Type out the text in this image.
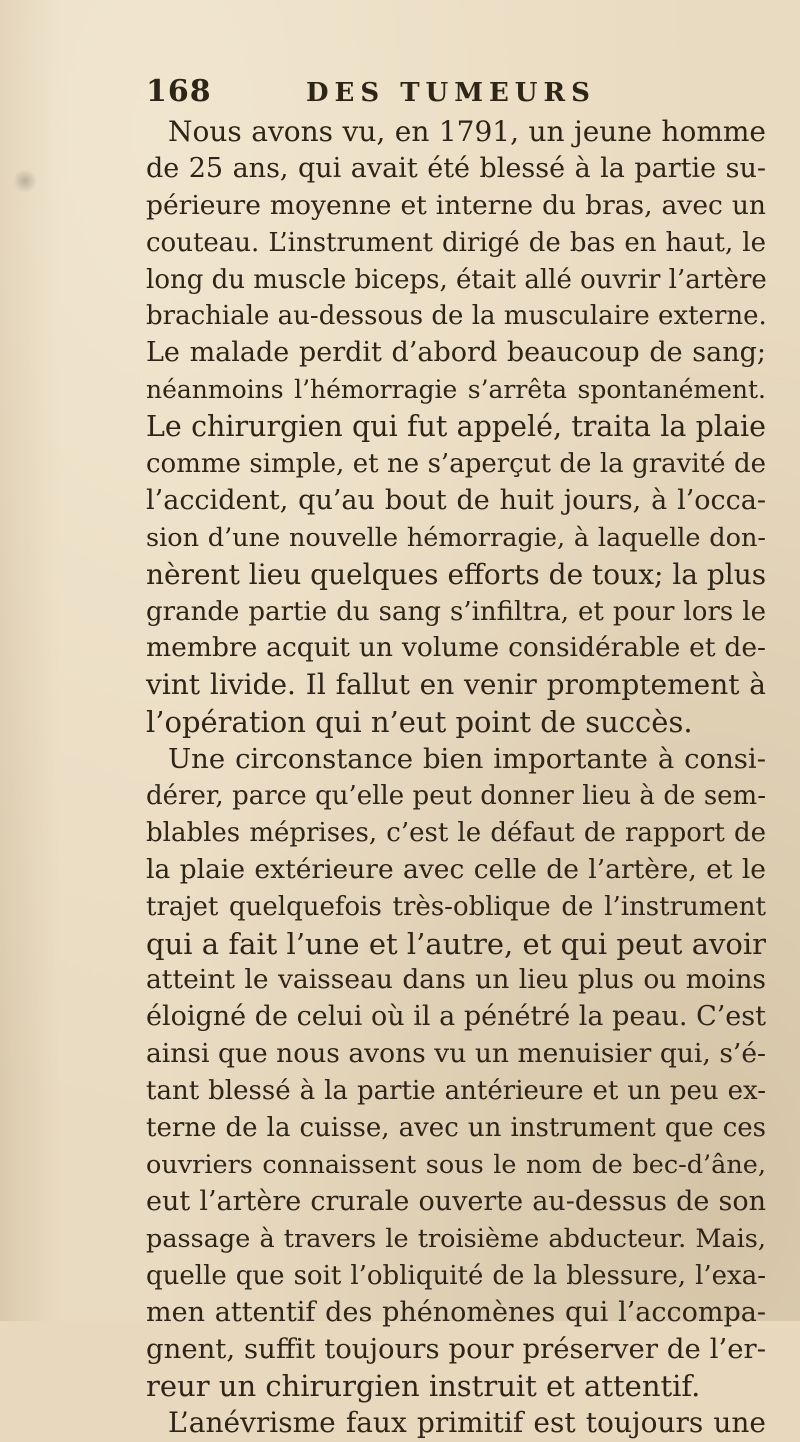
168	DES TUMEURS
Nous avons vu, en 1791, un jeune homme
de 25 ans, qui avait été blessé à la partie su-
périeure moyenne et interne du bras, avec un
couteau. L’instrument dirigé de bas en haut, le
long du muscle biceps, était allé ouvrir l’artère
brachiale au-dessous de la musculaire externe.
Le malade perdit d’abord beaucoup de sang;
néanmoins l’hémorragie s’arrêta spontanément.
Le chirurgien qui fut appelé, traita la plaie
comme simple, et ne s’aperçut de la gravité de
l’accident, qu’au bout de huit jours, à l’occa-
sion d’une nouvelle hémorragie, à laquelle don-
nèrent lieu quelques efforts de toux; la plus
grande partie du sang s’infiltra, et pour lors le
membre acquit un volume considérable et de-
vint livide. Il fallut en venir promptement à
l’opération qui n’eut point de succès.
Une circonstance bien importante à consi-
dérer, parce qu’elle peut donner lieu à de sem-
blables méprises, c’est le défaut de rapport de
la plaie extérieure avec celle de l’artère, et le
trajet quelquefois très-oblique de l’instrument
qui a fait l’une et l’autre, et qui peut avoir
atteint le vaisseau dans un lieu plus ou moins
éloigné de celui où il a pénétré la peau. C’est
ainsi que nous avons vu un menuisier qui, s’é-
tant blessé à la partie antérieure et un peu ex-
terne de la cuisse, avec un instrument que ces
ouvriers connaissent sous le nom de bec-d’âne,
eut l’artère crurale ouverte au-dessus de son
passage à travers le troisième abducteur. Mais,
quelle que soit l’obliquité de la blessure, l’exa-
men attentif des phénomènes qui l’accompa-
gnent, suffit toujours pour préserver de l’er-
reur un chirurgien instruit et attentif.
L’anévrisme faux primitif est toujours une
